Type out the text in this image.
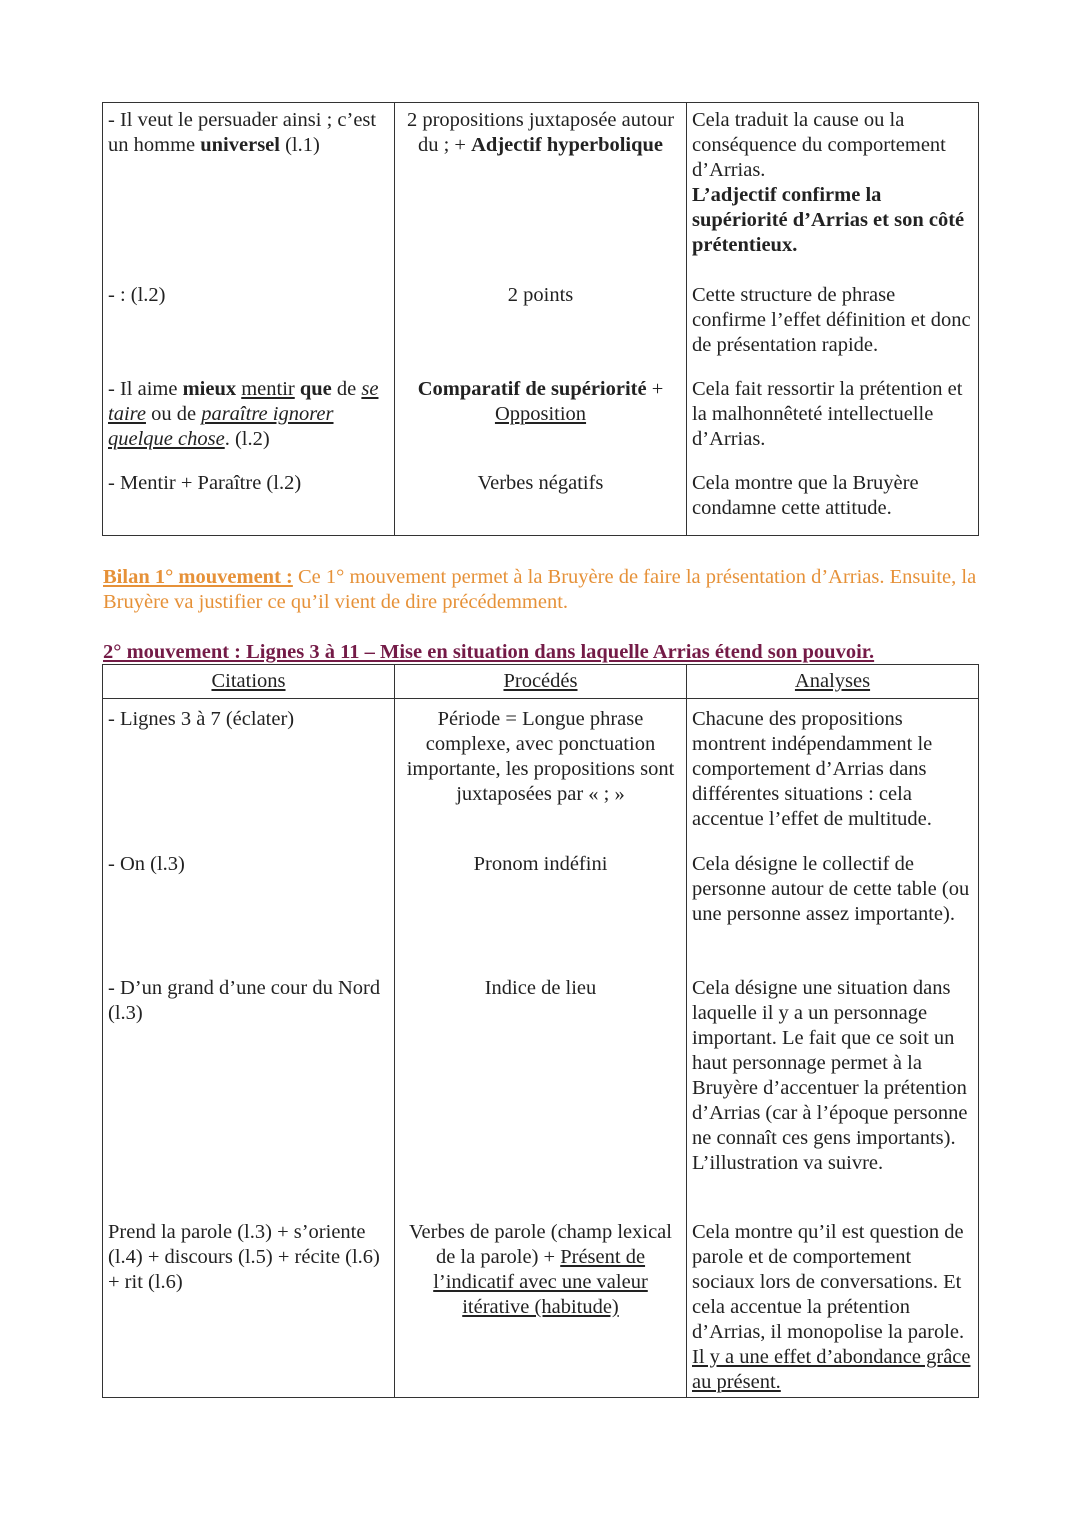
- Il veut le persuader ainsi ; c’est un homme universel (l.1)	2 propositions juxtaposée autour du ; + Adjectif hyperbolique	Cela traduit la cause ou la conséquence du comportement d’Arrias.
L’adjectif confirme la supériorité d’Arrias et son côté prétentieux.

- : (l.2)	2 points	Cette structure de phrase confirme l’effet définition et donc de présentation rapide.
- Il aime mieux mentir que de se taire ou de paraître ignorer quelque chose. (l.2)	Comparatif de supériorité + Opposition	Cela fait ressortir la prétention et la malhonnêteté intellectuelle d’Arrias.
- Mentir + Paraître (l.2)	Verbes négatifs	Cela montre que la Bruyère condamne cette attitude.
Bilan 1° mouvement : Ce 1° mouvement permet à la Bruyère de faire la présentation d’Arrias. Ensuite, la Bruyère va justifier ce qu’il vient de dire précédemment.
2° mouvement : Lignes 3 à 11 – Mise en situation dans laquelle Arrias étend son pouvoir.
Citations	Procédés	Analyses
- Lignes 3 à 7 (éclater)	Période = Longue phrase complexe, avec ponctuation importante, les propositions sont juxtaposées par « ; »	Chacune des propositions montrent indépendamment le comportement d’Arrias dans différentes situations : cela accentue l’effet de multitude.
- On (l.3)	Pronom indéfini	Cela désigne le collectif de personne autour de cette table (ou une personne assez importante).
- D’un grand d’une cour du Nord (l.3)	Indice de lieu	Cela désigne une situation dans laquelle il y a un personnage important. Le fait que ce soit un haut personnage permet à la Bruyère d’accentuer la prétention d’Arrias (car à l’époque personne ne connaît ces gens importants). L’illustration va suivre.
Prend la parole (l.3) + s’oriente (l.4) + discours (l.5) + récite (l.6) + rit (l.6)	Verbes de parole (champ lexical de la parole) + Présent de l’indicatif avec une valeur itérative (habitude)	Cela montre qu’il est question de parole et de comportement sociaux lors de conversations. Et cela accentue la prétention d’Arrias, il monopolise la parole. Il y a une effet d’abondance grâce au présent.
